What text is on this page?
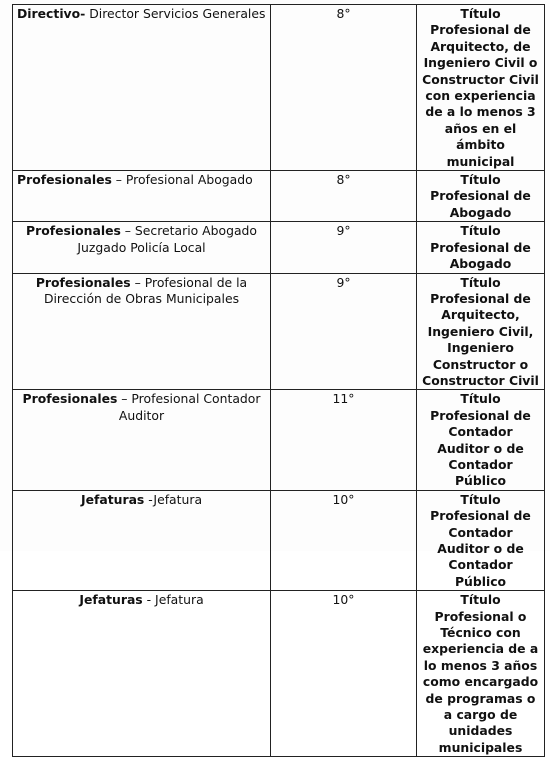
Directivo- Director Servicios Generales	8°	Título Profesional de Arquitecto, de Ingeniero Civil o Constructor Civil con experiencia de a lo menos 3 años en el ámbito municipal
Profesionales – Profesional Abogado	8°	Título Profesional de Abogado
Profesionales – Secretario Abogado Juzgado Policía Local	9°	Título Profesional de Abogado
Profesionales – Profesional de la Dirección de Obras Municipales	9°	Título Profesional de Arquitecto, Ingeniero Civil, Ingeniero Constructor o Constructor Civil
Profesionales – Profesional Contador Auditor	11°	Título Profesional de Contador Auditor o de Contador Público
Jefaturas -Jefatura	10°	Título Profesional de Contador Auditor o de Contador Público
Jefaturas - Jefatura	10°	Título Profesional o Técnico con experiencia de a lo menos 3 años como encargado de programas o a cargo de unidades municipales
